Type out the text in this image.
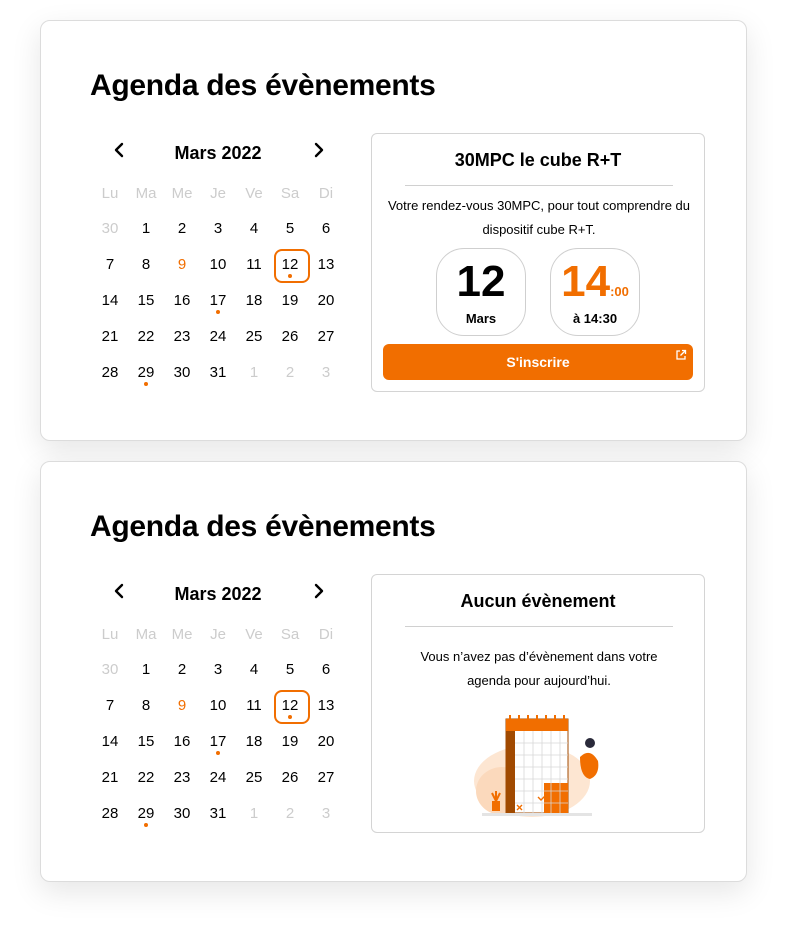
Agenda des évènements
Mars 2022
Lu	Ma	Me	Je	Ve	Sa	Di
30	1	2	3	4	5	6
7	8	9	10	11	12	13
14	15	16	17	18	19	20
21	22	23	24	25	26	27
28	29	30	31	1	2	3
30MPC le cube R+T
Votre rendez-vous 30MPC, pour tout comprendre du dispositif cube R+T.
12
Mars
14:00
à 14:30
S'inscrire
Agenda des évènements
Mars 2022
Lu	Ma	Me	Je	Ve	Sa	Di
30	1	2	3	4	5	6
7	8	9	10	11	12	13
14	15	16	17	18	19	20
21	22	23	24	25	26	27
28	29	30	31	1	2	3
Aucun évènement
Vous n’avez pas d’évènement dans votre agenda pour aujourd’hui.
